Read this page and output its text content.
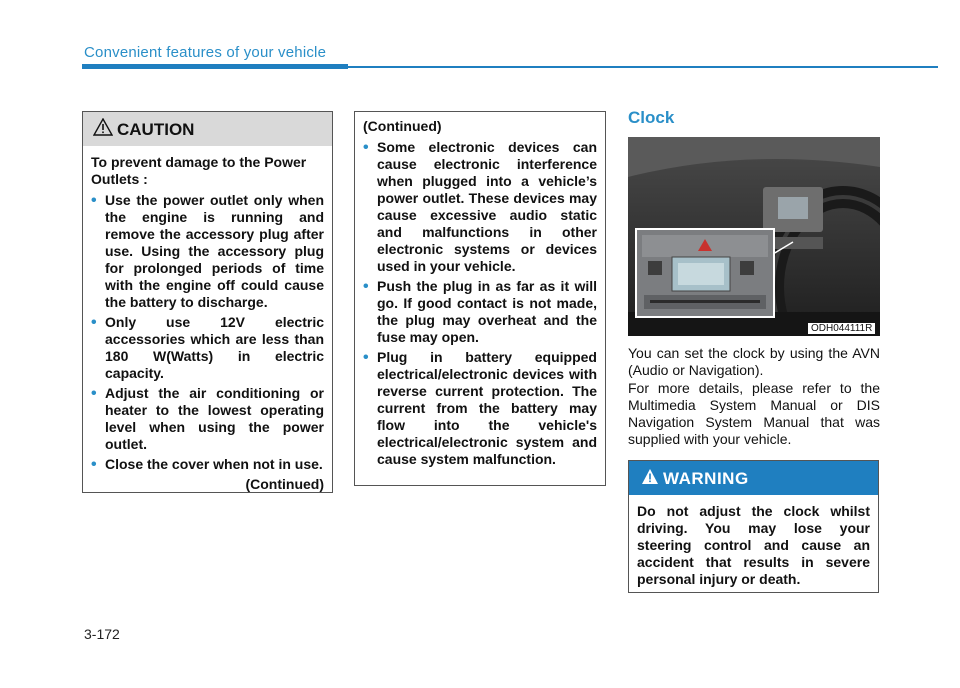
Convenient features of your vehicle
CAUTION

To prevent damage to the Power Outlets :

• Use the power outlet only when the engine is running and remove the accessory plug after use. Using the accessory plug for prolonged periods of time with the engine off could cause the battery to discharge.
• Only use 12V electric accessories which are less than 180 W(Watts) in electric capacity.
• Adjust the air conditioning or heater to the lowest operating level when using the power outlet.
• Close the cover when not in use.
(Continued)

(Continued)

• Some electronic devices can cause electronic interference when plugged into a vehicle’s power outlet. These devices may cause excessive audio static and malfunctions in other electronic systems or devices used in your vehicle.
• Push the plug in as far as it will go. If good contact is not made, the plug may overheat and the fuse may open.
• Plug in battery equipped electrical/electronic devices with reverse current protection. The current from the battery may flow into the vehicle's electrical/electronic system and cause system malfunction.
Clock
ODH044111R

You can set the clock by using the AVN (Audio or Navigation).

For more details, please refer to the Multimedia System Manual or DIS Navigation System Manual that was supplied with your vehicle.

WARNING
Do not adjust the clock whilst driving. You may lose your steering control and cause an accident that results in severe personal injury or death.
3-172
